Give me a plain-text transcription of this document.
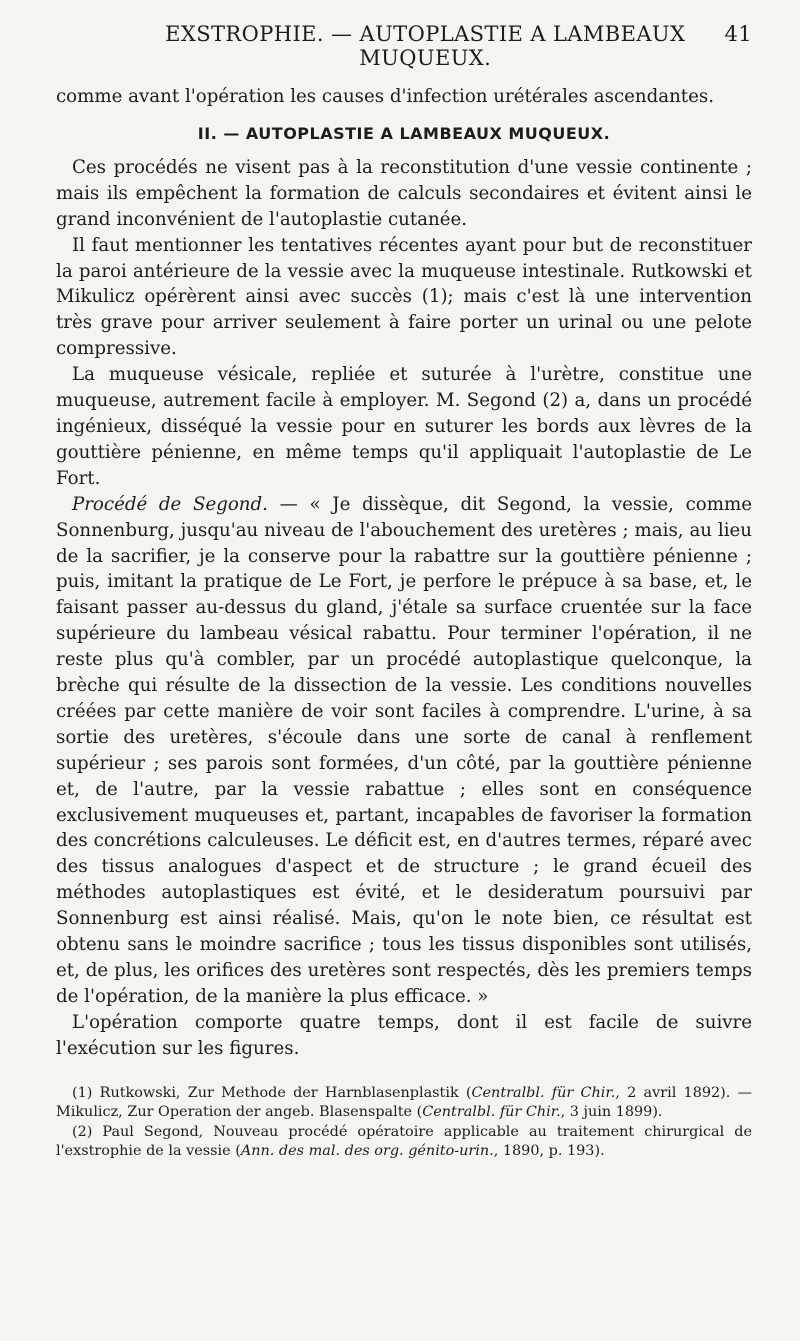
EXSTROPHIE. — AUTOPLASTIE A LAMBEAUX MUQUEUX.
41

comme avant l'opération les causes d'infection urétérales ascendantes.

II. — AUTOPLASTIE A LAMBEAUX MUQUEUX.

Ces procédés ne visent pas à la reconstitution d'une vessie continente ; mais ils empêchent la formation de calculs secondaires et évitent ainsi le grand inconvénient de l'autoplastie cutanée.

Il faut mentionner les tentatives récentes ayant pour but de reconstituer la paroi antérieure de la vessie avec la muqueuse intestinale. Rutkowski et Mikulicz opérèrent ainsi avec succès (1); mais c'est là une intervention très grave pour arriver seulement à faire porter un urinal ou une pelote compressive.

La muqueuse vésicale, repliée et suturée à l'urètre, constitue une muqueuse, autrement facile à employer. M. Segond (2) a, dans un procédé ingénieux, disséqué la vessie pour en suturer les bords aux lèvres de la gouttière pénienne, en même temps qu'il appliquait l'autoplastie de Le Fort.

Procédé de Segond. — « Je dissèque, dit Segond, la vessie, comme Sonnenburg, jusqu'au niveau de l'abouchement des uretères ; mais, au lieu de la sacrifier, je la conserve pour la rabattre sur la gouttière pénienne ; puis, imitant la pratique de Le Fort, je perfore le prépuce à sa base, et, le faisant passer au-dessus du gland, j'étale sa surface cruentée sur la face supérieure du lambeau vésical rabattu. Pour terminer l'opération, il ne reste plus qu'à combler, par un procédé autoplastique quelconque, la brèche qui résulte de la dissection de la vessie. Les conditions nouvelles créées par cette manière de voir sont faciles à comprendre. L'urine, à sa sortie des uretères, s'écoule dans une sorte de canal à renflement supérieur ; ses parois sont formées, d'un côté, par la gouttière pénienne et, de l'autre, par la vessie rabattue ; elles sont en conséquence exclusivement muqueuses et, partant, incapables de favoriser la formation des concrétions calculeuses. Le déficit est, en d'autres termes, réparé avec des tissus analogues d'aspect et de structure ; le grand écueil des méthodes autoplastiques est évité, et le desideratum poursuivi par Sonnenburg est ainsi réalisé. Mais, qu'on le note bien, ce résultat est obtenu sans le moindre sacrifice ; tous les tissus disponibles sont utilisés, et, de plus, les orifices des uretères sont respectés, dès les premiers temps de l'opération, de la manière la plus efficace. »

L'opération comporte quatre temps, dont il est facile de suivre l'exécution sur les figures.

(1) Rutkowski, Zur Methode der Harnblasenplastik (Centralbl. für Chir., 2 avril 1892). — Mikulicz, Zur Operation der angeb. Blasenspalte (Centralbl. für Chir., 3 juin 1899).

(2) Paul Segond, Nouveau procédé opératoire applicable au traitement chirurgical de l'exstrophie de la vessie (Ann. des mal. des org. génito-urin., 1890, p. 193).
